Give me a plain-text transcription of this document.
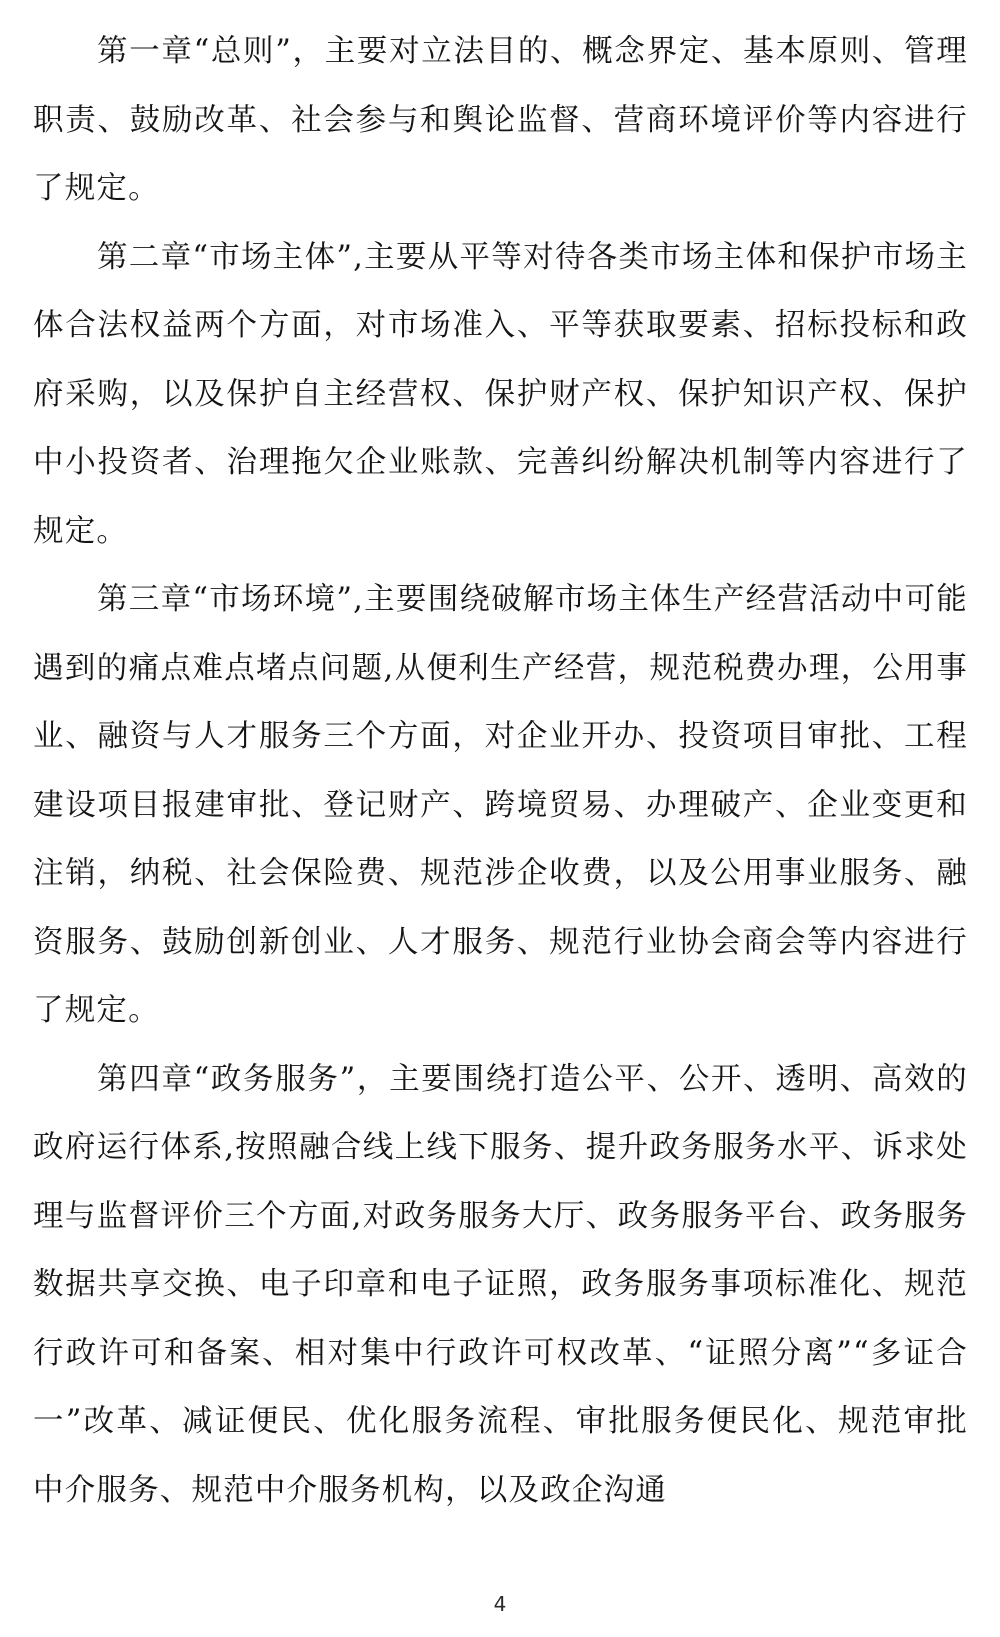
第一章“总则”，主要对立法目的、概念界定、基本原则、管理职责、鼓励改革、社会参与和舆论监督、营商环境评价等内容进行了规定。

第二章“市场主体”,主要从平等对待各类市场主体和保护市场主体合法权益两个方面，对市场准入、平等获取要素、招标投标和政府采购，以及保护自主经营权、保护财产权、保护知识产权、保护中小投资者、治理拖欠企业账款、完善纠纷解决机制等内容进行了规定。

第三章“市场环境”,主要围绕破解市场主体生产经营活动中可能遇到的痛点难点堵点问题,从便利生产经营，规范税费办理，公用事业、融资与人才服务三个方面，对企业开办、投资项目审批、工程建设项目报建审批、登记财产、跨境贸易、办理破产、企业变更和注销，纳税、社会保险费、规范涉企收费，以及公用事业服务、融资服务、鼓励创新创业、人才服务、规范行业协会商会等内容进行了规定。

第四章“政务服务”，主要围绕打造公平、公开、透明、高效的政府运行体系,按照融合线上线下服务、提升政务服务水平、诉求处理与监督评价三个方面,对政务服务大厅、政务服务平台、政务服务数据共享交换、电子印章和电子证照，政务服务事项标准化、规范行政许可和备案、相对集中行政许可权改革、“证照分离”“多证合一”改革、减证便民、优化服务流程、审批服务便民化、规范审批中介服务、规范中介服务机构，以及政企沟通

4
